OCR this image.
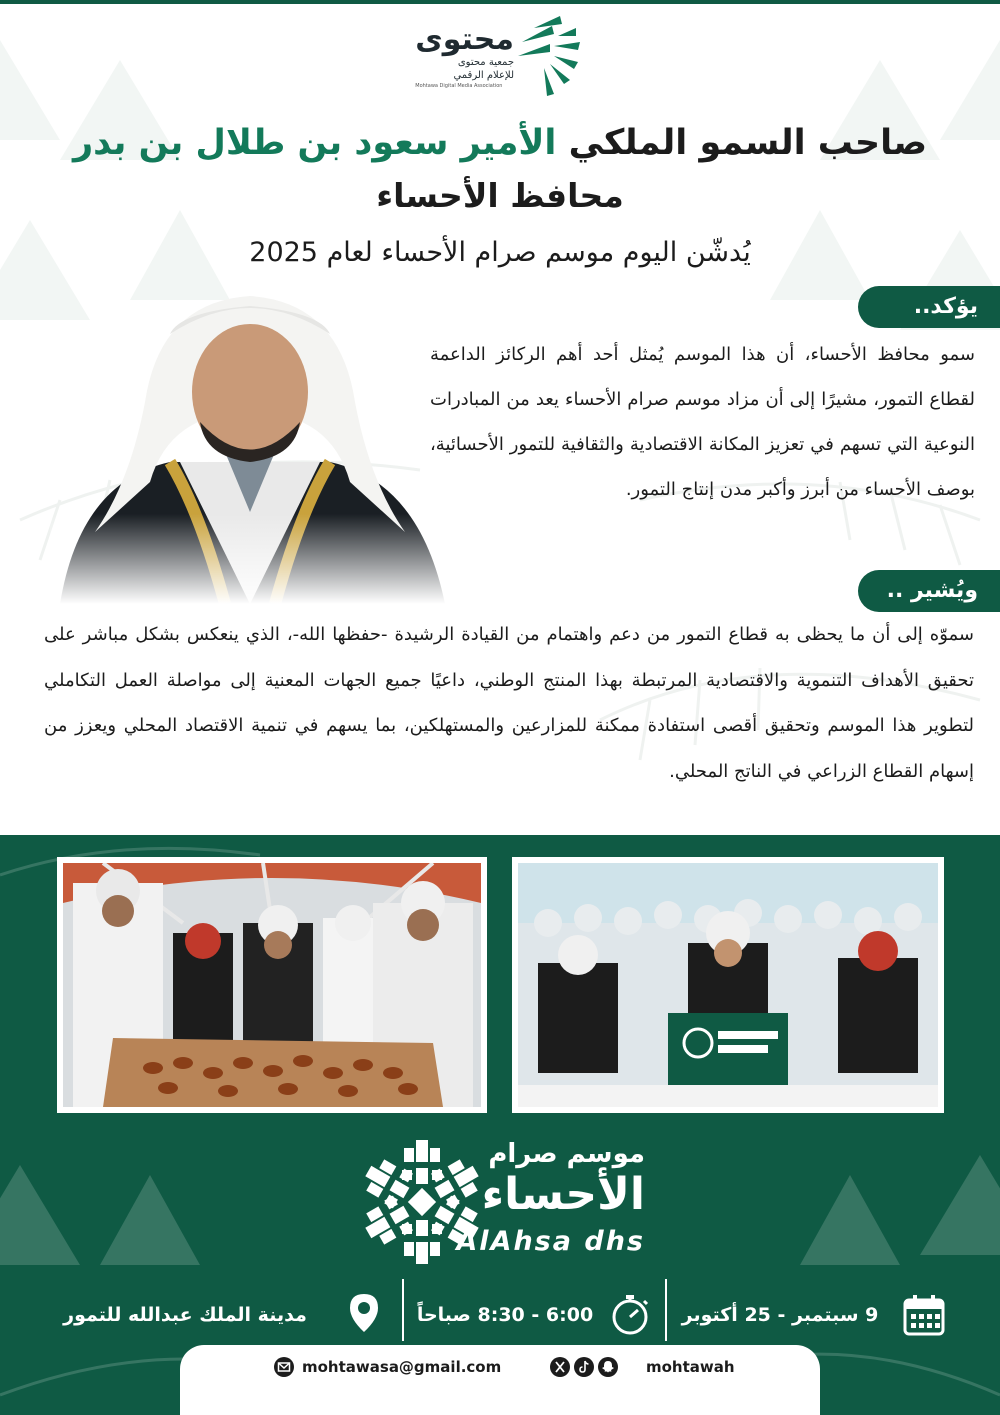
محتوى
جمعية محتوى
للإعلام الرقمي
Mohtawa Digital Media Association
صاحب السمو الملكي الأمير سعود بن طلال بن بدر
محافظ الأحساء
يُدشّن اليوم موسم صرام الأحساء لعام 2025
يؤكد..
سمو محافظ الأحساء، أن هذا الموسم يُمثل أحد أهم الركائز الداعمة لقطاع التمور، مشيرًا إلى أن مزاد موسم صرام الأحساء يعد من المبادرات النوعية التي تسهم في تعزيز المكانة الاقتصادية والثقافية للتمور الأحسائية، بوصف الأحساء من أبرز وأكبر مدن إنتاج التمور.
ويُشير ..
سموّه إلى أن ما يحظى به قطاع التمور من دعم واهتمام من القيادة الرشيدة -حفظها الله-، الذي ينعكس بشكل مباشر على تحقيق الأهداف التنموية والاقتصادية المرتبطة بهذا المنتج الوطني، داعيًا جميع الجهات المعنية إلى مواصلة العمل التكاملي لتطوير هذا الموسم وتحقيق أقصى استفادة ممكنة للمزارعين والمستهلكين، بما يسهم في تنمية الاقتصاد المحلي ويعزز من إسهام القطاع الزراعي في الناتج المحلي.
موسم صرام
الأحساء
AlAhsa dhs
9 سبتمبر - 25 أكتوبر
6:00 - 8:30 صباحاً
مدينة الملك عبدالله للتمور
mohtawasa@gmail.com	mohtawah
